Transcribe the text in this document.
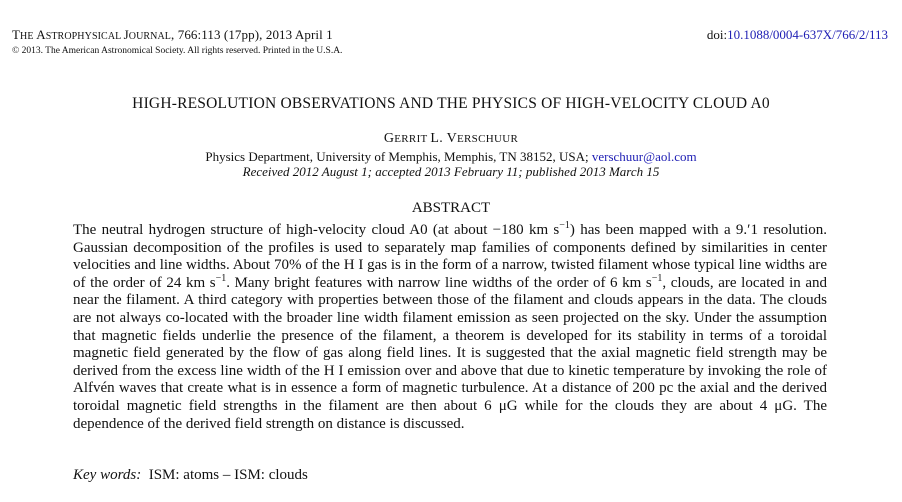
THE ASTROPHYSICAL JOURNAL, 766:113 (17pp), 2013 April 1	doi:10.1088/0004-637X/766/2/113
© 2013. The American Astronomical Society. All rights reserved. Printed in the U.S.A.
HIGH-RESOLUTION OBSERVATIONS AND THE PHYSICS OF HIGH-VELOCITY CLOUD A0
GERRIT L. VERSCHUUR
Physics Department, University of Memphis, Memphis, TN 38152, USA; verschuur@aol.com
Received 2012 August 1; accepted 2013 February 11; published 2013 March 15
ABSTRACT

The neutral hydrogen structure of high-velocity cloud A0 (at about −180 km $s^{-1}$) has been mapped with a 9.′1 resolution. Gaussian decomposition of the profiles is used to separately map families of components defined by similarities in center velocities and line widths. About 70% of the H I gas is in the form of a narrow, twisted filament whose typical line widths are of the order of 24 km $s^{-1}$. Many bright features with narrow line widths of the order of 6 km $s^{-1}$, clouds, are located in and near the filament. A third category with properties between those of the filament and clouds appears in the data. The clouds are not always co-located with the broader line width filament emission as seen projected on the sky. Under the assumption that magnetic fields underlie the presence of the filament, a theorem is developed for its stability in terms of a toroidal magnetic field generated by the flow of gas along field lines. It is suggested that the axial magnetic field strength may be derived from the excess line width of the H I emission over and above that due to kinetic temperature by invoking the role of Alfvén waves that create what is in essence a form of magnetic turbulence. At a distance of 200 pc the axial and the derived toroidal magnetic field strengths in the filament are then about 6 μG while for the clouds they are about 4 μG. The dependence of the derived field strength on distance is discussed.

Key words:  ISM: atoms – ISM: clouds
